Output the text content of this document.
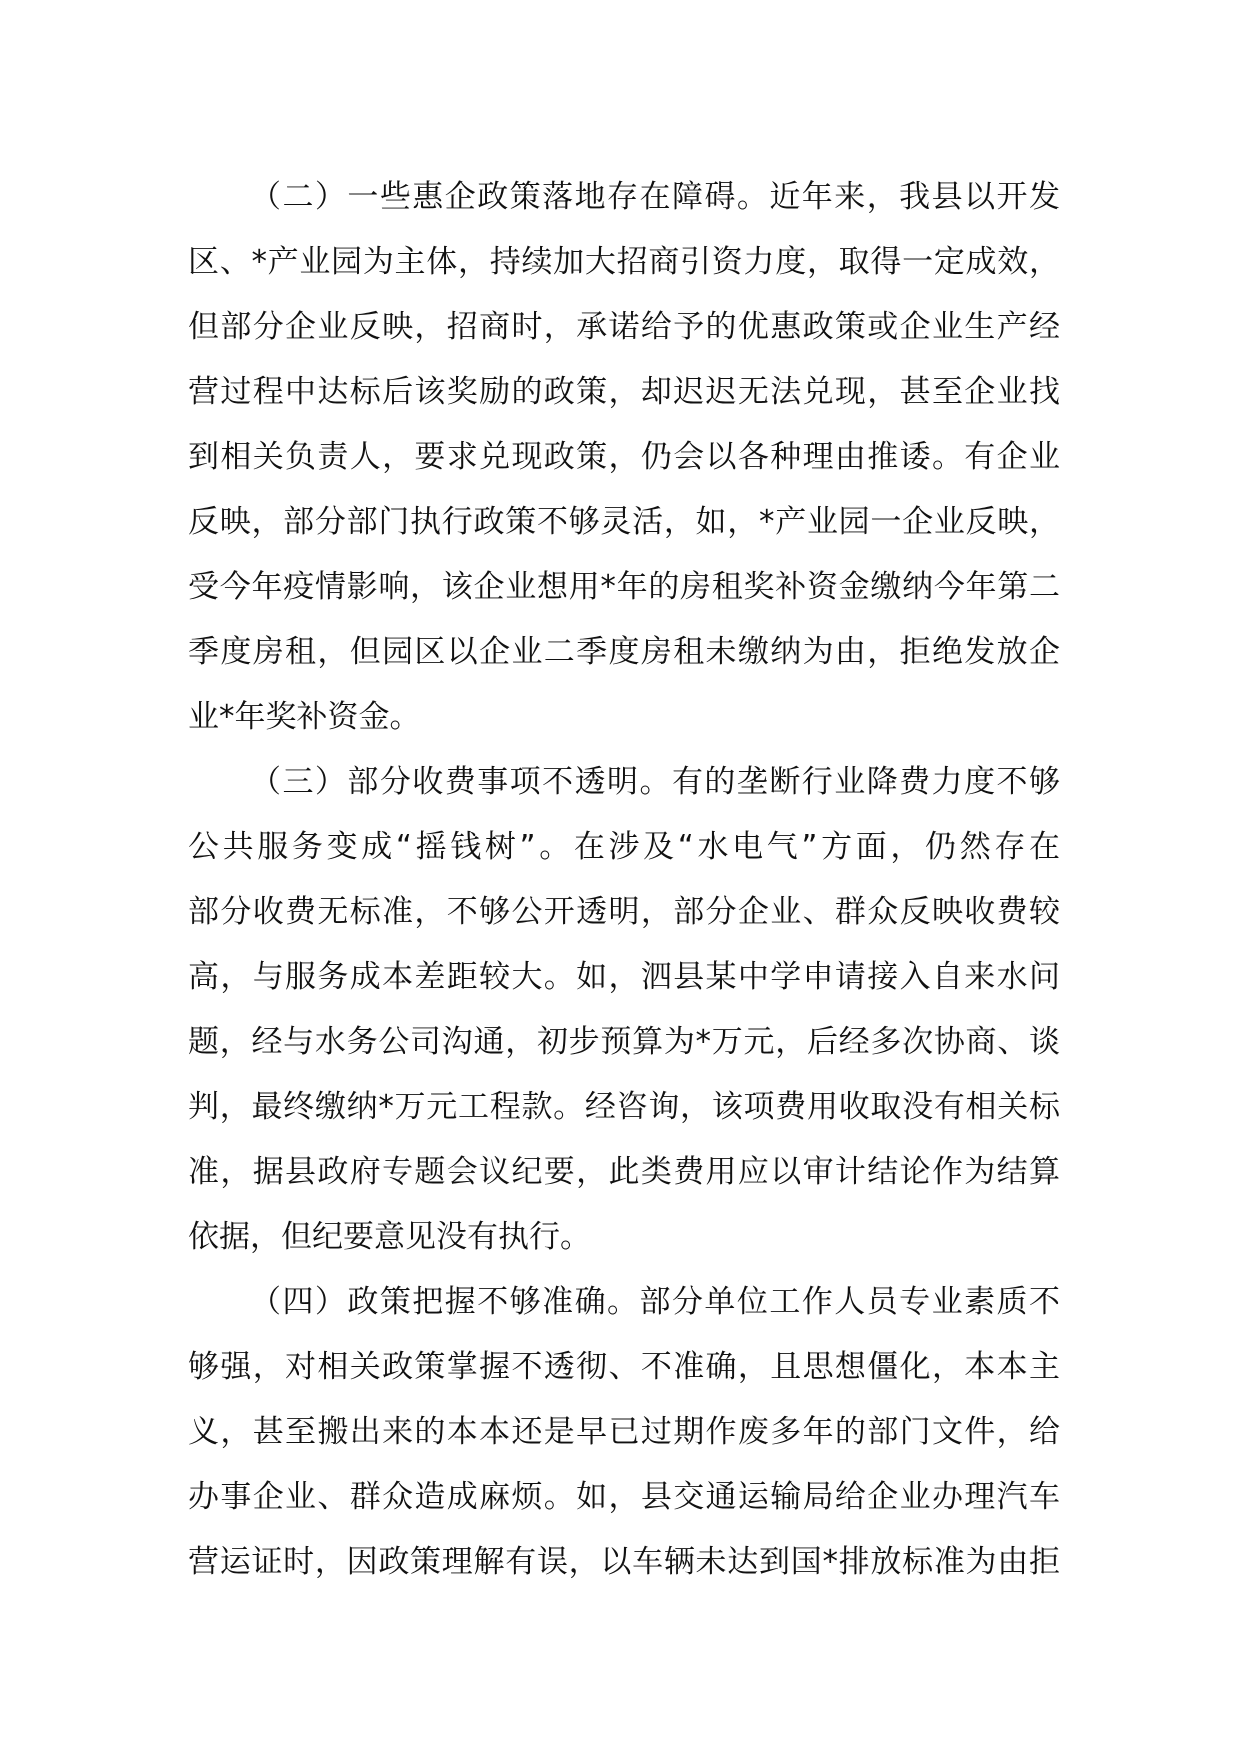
（二）一些惠企政策落地存在障碍。近年来，我县以开发
区、*产业园为主体，持续加大招商引资力度，取得一定成效，
但部分企业反映，招商时，承诺给予的优惠政策或企业生产经
营过程中达标后该奖励的政策，却迟迟无法兑现，甚至企业找
到相关负责人，要求兑现政策，仍会以各种理由推诿。有企业
反映，部分部门执行政策不够灵活，如，*产业园一企业反映，
受今年疫情影响，该企业想用*年的房租奖补资金缴纳今年第二
季度房租，但园区以企业二季度房租未缴纳为由，拒绝发放企
业*年奖补资金。
（三）部分收费事项不透明。有的垄断行业降费力度不够
公共服务变成“摇钱树”。在涉及“水电气”方面，仍然存在
部分收费无标准，不够公开透明，部分企业、群众反映收费较
高，与服务成本差距较大。如，泗县某中学申请接入自来水问
题，经与水务公司沟通，初步预算为*万元，后经多次协商、谈
判，最终缴纳*万元工程款。经咨询，该项费用收取没有相关标
准，据县政府专题会议纪要，此类费用应以审计结论作为结算
依据，但纪要意见没有执行。
（四）政策把握不够准确。部分单位工作人员专业素质不
够强，对相关政策掌握不透彻、不准确，且思想僵化，本本主
义，甚至搬出来的本本还是早已过期作废多年的部门文件，给
办事企业、群众造成麻烦。如，县交通运输局给企业办理汽车
营运证时，因政策理解有误，以车辆未达到国*排放标准为由拒
